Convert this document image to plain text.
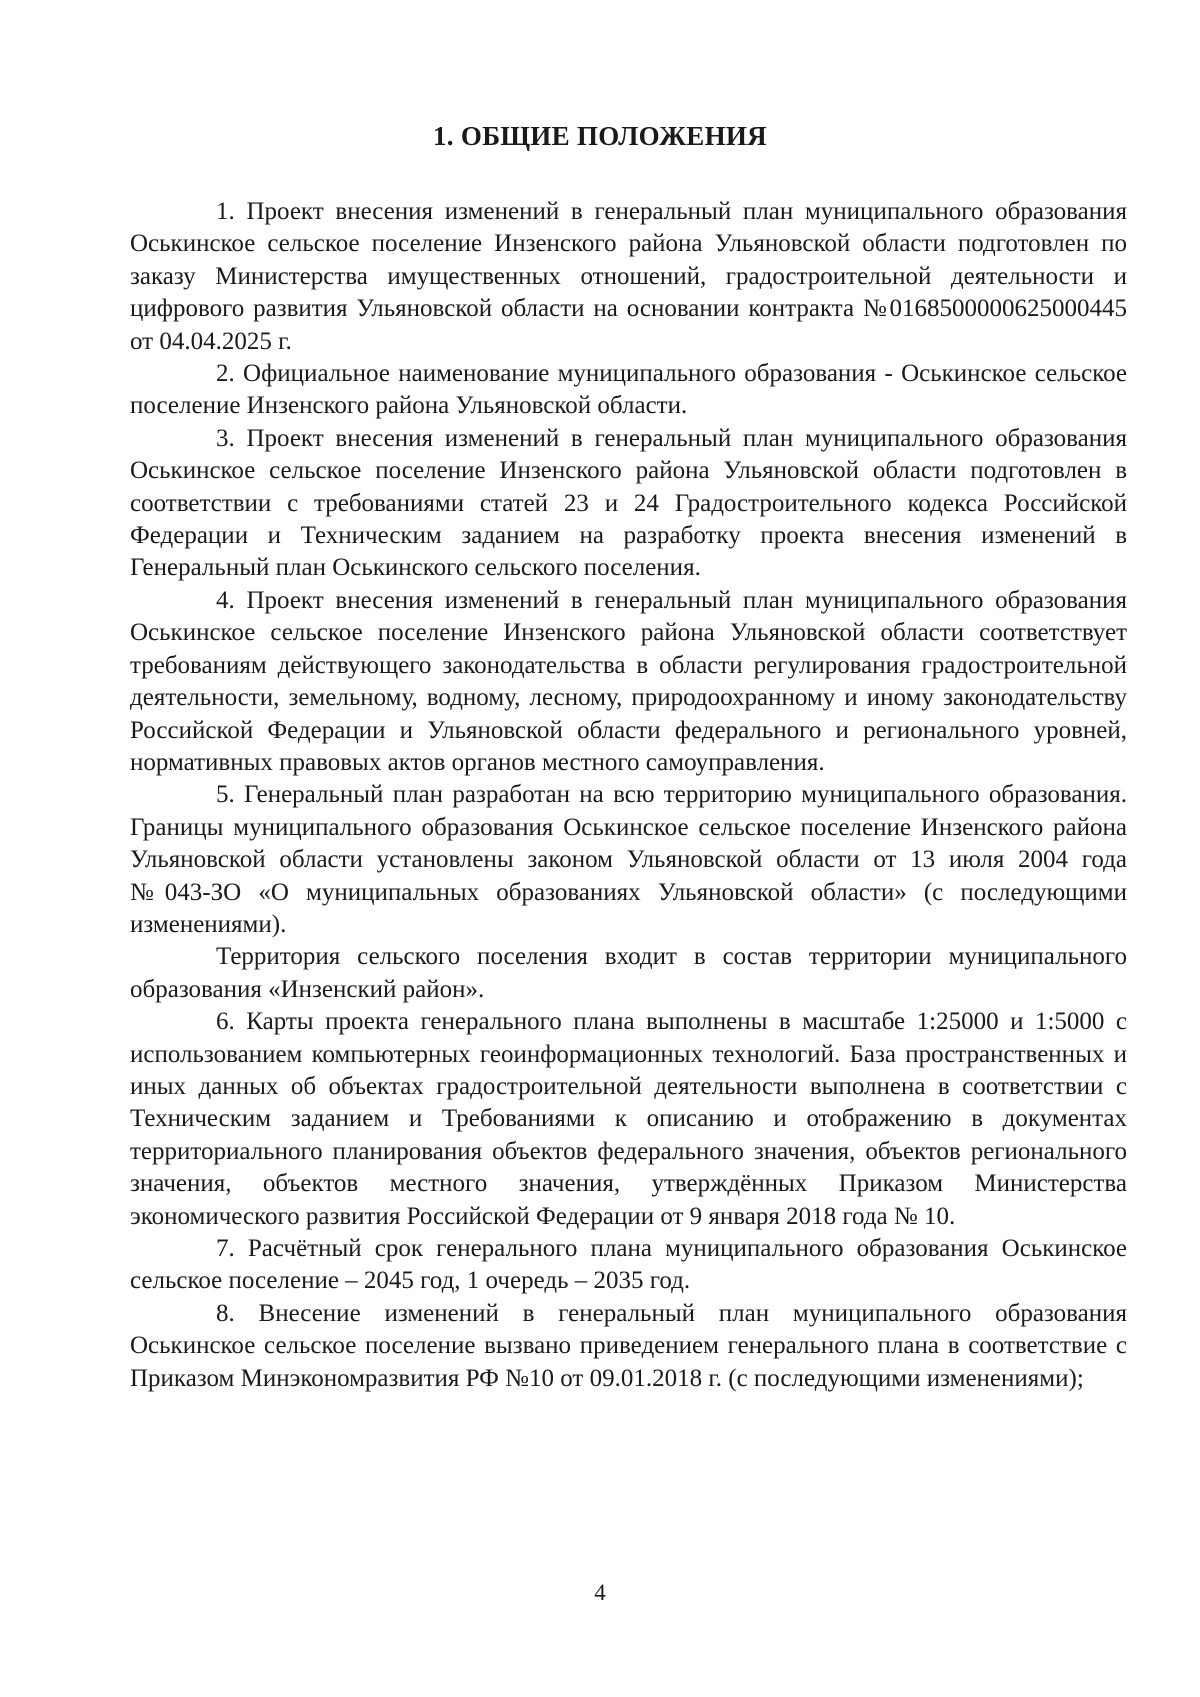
1. ОБЩИЕ ПОЛОЖЕНИЯ

1. Проект внесения изменений в генеральный план муниципального образования Оськинское сельское поселение Инзенского района Ульяновской области подготовлен по заказу Министерства имущественных отношений, градостроительной деятельности и цифрового развития Ульяновской области на основании контракта №0168500000625000445 от 04.04.2025 г.

2. Официальное наименование муниципального образования - Оськинское сельское поселение Инзенского района Ульяновской области.

3. Проект внесения изменений в генеральный план муниципального образования Оськинское сельское поселение Инзенского района Ульяновской области подготовлен в соответствии с требованиями статей 23 и 24 Градостроительного кодекса Российской Федерации и Техническим заданием на разработку проекта внесения изменений в Генеральный план Оськинского сельского поселения.

4. Проект внесения изменений в генеральный план муниципального образования Оськинское сельское поселение Инзенского района Ульяновской области соответствует требованиям действующего законодательства в области регулирования градостроительной деятельности, земельному, водному, лесному, природоохранному и иному законодательству Российской Федерации и Ульяновской области федерального и регионального уровней, нормативных правовых актов органов местного самоуправления.

5. Генеральный план разработан на всю территорию муниципального образования. Границы муниципального образования Оськинское сельское поселение Инзенского района Ульяновской области установлены законом Ульяновской области от 13 июля 2004 года №043-ЗО «О муниципальных образованиях Ульяновской области» (с последующими изменениями).

Территория сельского поселения входит в состав территории муниципального образования «Инзенский район».

6. Карты проекта генерального плана выполнены в масштабе 1:25000 и 1:5000 с использованием компьютерных геоинформационных технологий. База пространственных и иных данных об объектах градостроительной деятельности выполнена в соответствии с Техническим заданием и Требованиями к описанию и отображению в документах территориального планирования объектов федерального значения, объектов регионального значения, объектов местного значения, утверждённых Приказом Министерства экономического развития Российской Федерации от 9 января 2018 года № 10.

7. Расчётный срок генерального плана муниципального образования Оськинское сельское поселение – 2045 год, 1 очередь – 2035 год.

8. Внесение изменений в генеральный план муниципального образования Оськинское сельское поселение вызвано приведением генерального плана в соответствие с Приказом Минэкономразвития РФ №10 от 09.01.2018 г. (с последующими изменениями);

4
